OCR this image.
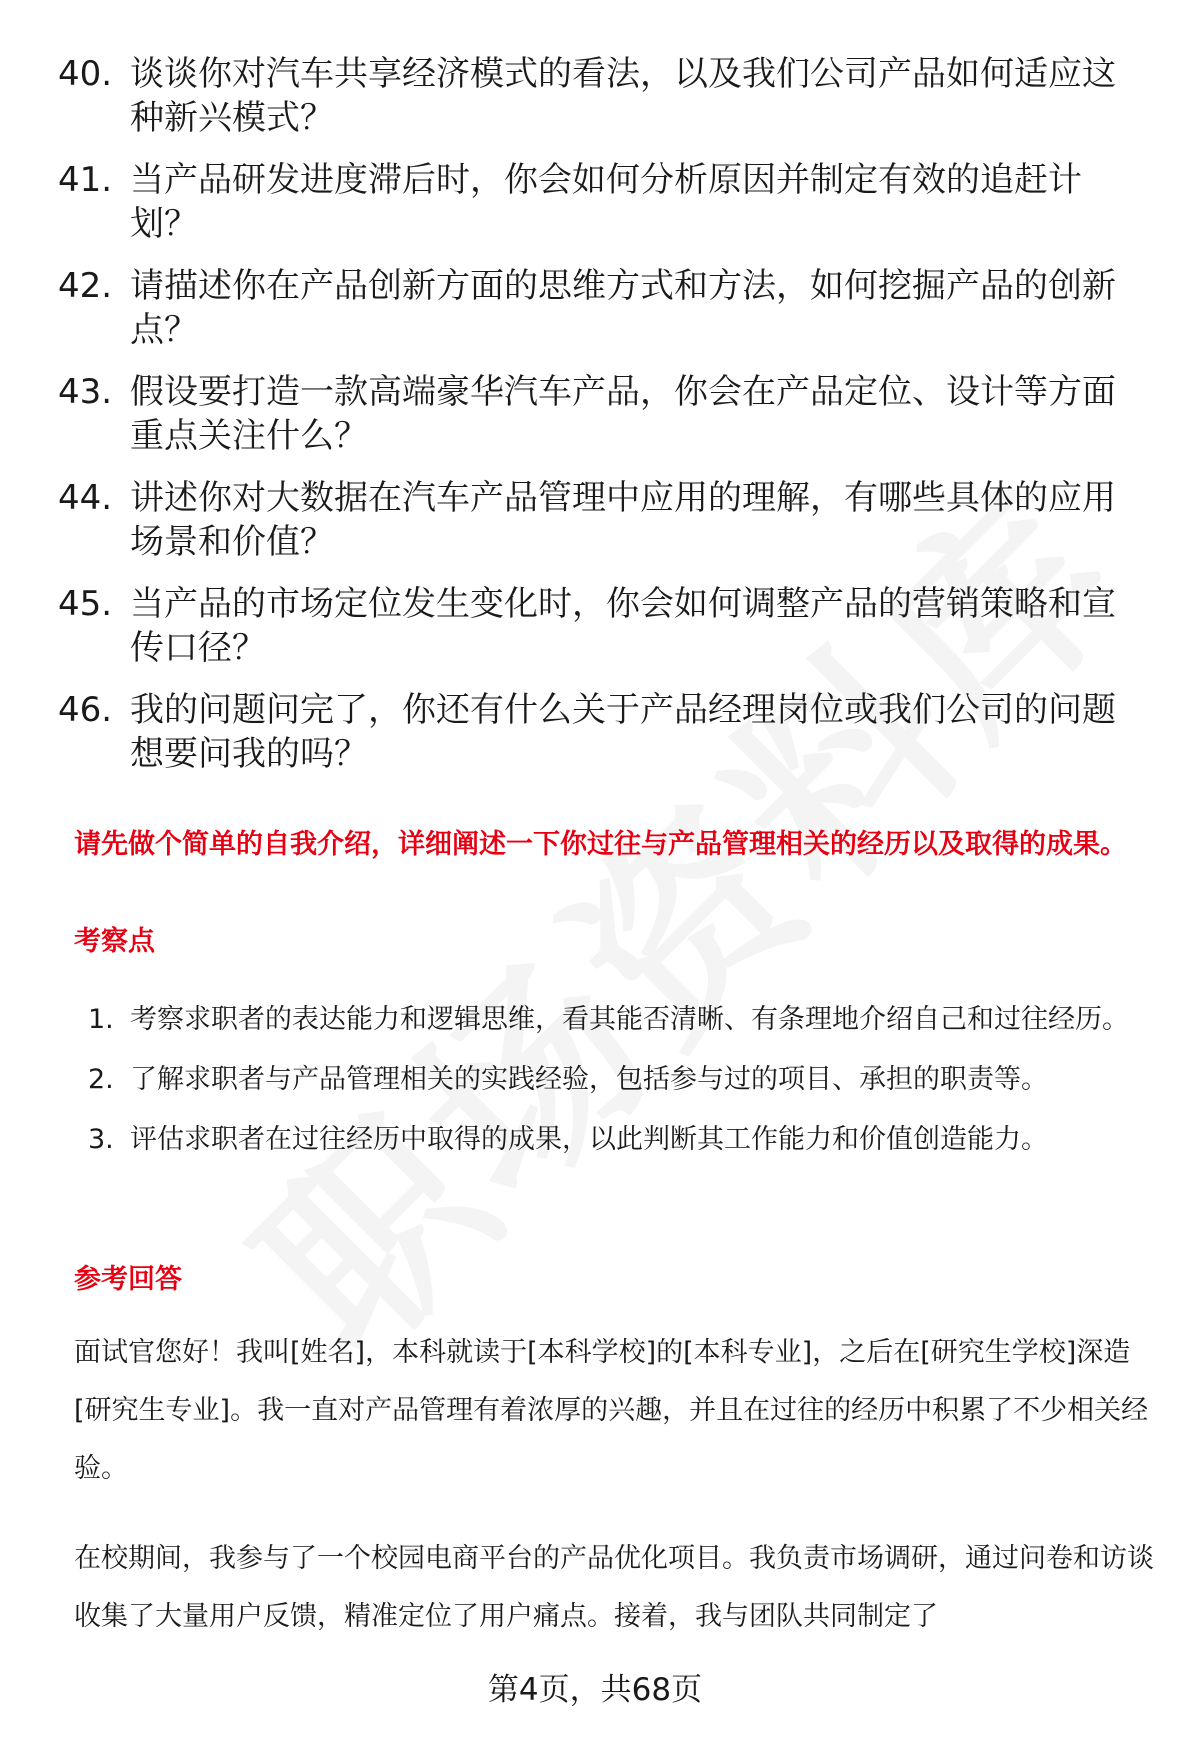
40. 谈谈你对汽车共享经济模式的看法，以及我们公司产品如何适应这种新兴模式？
41. 当产品研发进度滞后时，你会如何分析原因并制定有效的追赶计划？
42. 请描述你在产品创新方面的思维方式和方法，如何挖掘产品的创新点？
43. 假设要打造一款高端豪华汽车产品，你会在产品定位、设计等方面重点关注什么？
44. 讲述你对大数据在汽车产品管理中应用的理解，有哪些具体的应用场景和价值？
45. 当产品的市场定位发生变化时，你会如何调整产品的营销策略和宣传口径？
46. 我的问题问完了，你还有什么关于产品经理岗位或我们公司的问题想要问我的吗？
请先做个简单的自我介绍，详细阐述一下你过往与产品管理相关的经历以及取得的成果。
考察点
1. 考察求职者的表达能力和逻辑思维，看其能否清晰、有条理地介绍自己和过往经历。
2. 了解求职者与产品管理相关的实践经验，包括参与过的项目、承担的职责等。
3. 评估求职者在过往经历中取得的成果，以此判断其工作能力和价值创造能力。
参考回答

面试官您好！我叫[姓名]，本科就读于[本科学校]的[本科专业]，之后在[研究生学校]深造[研究生专业]。我一直对产品管理有着浓厚的兴趣，并且在过往的经历中积累了不少相关经验。

在校期间，我参与了一个校园电商平台的产品优化项目。我负责市场调研，通过问卷和访谈收集了大量用户反馈，精准定位了用户痛点。接着，我与团队共同制定了

第4页，共68页
